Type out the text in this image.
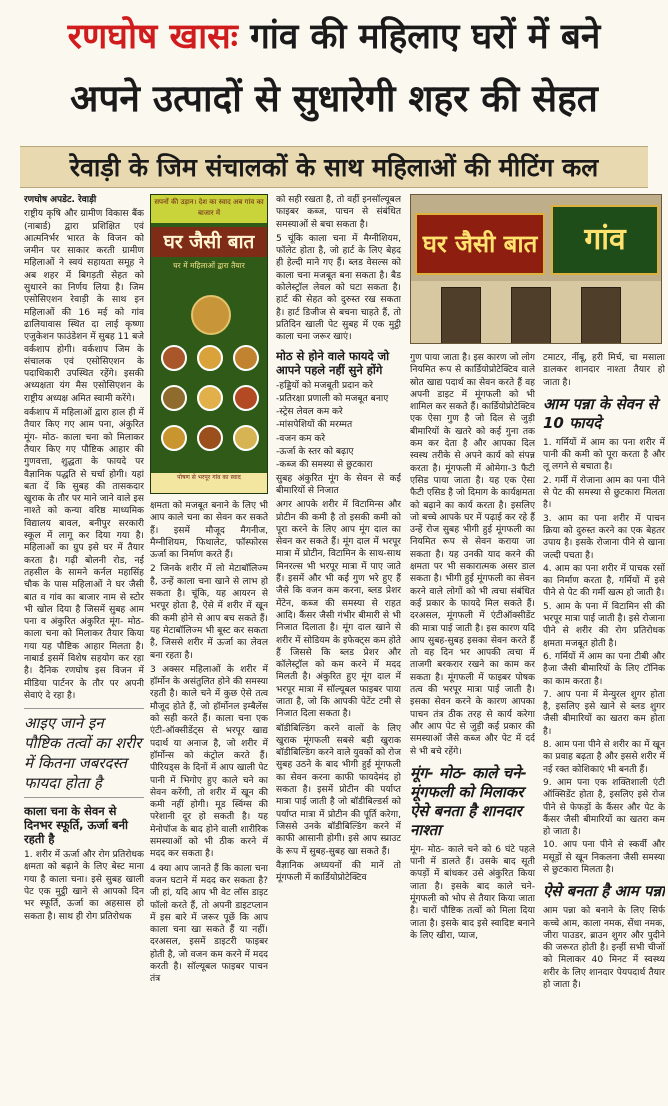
रणघोष खासः गांव की महिलाए घरों में बने
अपने उत्पादों से सुधारेगी शहर की सेहत
रेवाड़ी के जिम संचालकों के साथ महिलाओं की मीटिंग कल
रणघोष अपडेट. रेवाड़ी

राष्ट्रीय कृषि और ग्रामीण विकास बैंक (नाबार्ड) द्वारा प्रशिक्षित एवं आत्मनिर्भर भारत के विजन को जमीन पर साकार करती ग्रामीण महिलाओं ने स्वयं सहायता समूह ने अब शहर में बिगड़ती सेहत को सुधारने का निर्णय लिया है। जिम एसोसिएशन रेवाड़ी के साथ इन महिलाओं की 16 मई को गांव ढालियावास स्थित दा लाई कृष्णा एजुकेशन फाउंडेशन में सुबह 11 बजे वर्कशाप होगी। वर्कशाप जिम के संचालक एवं एसोसिएशन के पदाधिकारी उपस्थित रहेंगे। इसकी अध्यक्षता यंग मैस एसोसिएशन के राष्ट्रीय अध्यक्ष अमित स्वामी करेंगे।

वर्कशाप में महिलाओं द्वारा हाल ही में तैयार किए गए आम पना, अंकुरित मूंग- मोठ- काला चना को मिलाकर तैयार किए गए पौष्टिक आहार की गुणवत्ता, शुद्धता के फायदे पर वैज्ञानिक पद्धति से चर्चा होगी। यहां बता दें कि सुबह की तासकदार खुराक के तौर पर माने जाने वाले इस नाश्ते को कन्या वरिष्ठ माध्यमिक विद्यालय बावल, बनीपुर सरकारी स्कूल में लागू कर दिया गया है। महिलाओं का ग्रुप इसे घर में तैयार करता है। गढ़ी बोलनी रोड, नई तहसील के सामने कर्नल महासिंह चौक के पास महिलाओं ने घर जैसी बात व गांव का बाजार नाम से स्टोर भी खोल दिया है जिसमें सुबह आम पना व अंकुरित अंकुरित मूंग- मोठ- काला चना को मिलाकर तैयार किया गया यह पौष्टिक आहार मिलता है। नाबार्ड इसमें विशेष सहयोग कर रहा है। दैनिक रणघोष इस विजन में मीडिया पार्टनर के तौर पर अपनी सेवाएं दे रहा है।

आइए जाने इन पौष्टिक तत्वों का शरीर में कितना जबरदस्त फायदा होता है
काला चना के सेवन से दिनभर स्फूर्ति, ऊर्जा बनी रहती है

1. शरीर में ऊर्जा और रोग प्रतिरोधक क्षमता को बढ़ाने के लिए बेस्ट माना गया है काला चना। इसे सुबह खाली पेट एक मुट्ठी खाने से आपको दिन भर स्फूर्ति, ऊर्जा का अहसास हो सकता है। साथ ही रोग प्रतिरोधक

सपनों की उड़ान। देश का स्वाद अब गांव का बाजार में
घर जैसी बात
घर में महिलाओं द्वारा तैयार
पोषण से भरपूर गांव का स्वाद

क्षमता को मजबूत बनाने के लिए भी आप काले चना का सेवन कर सकते हैं। इसमें मौजूद मैगनीज, मैग्नीशियम, फिथालेट, फॉस्फोरस ऊर्जा का निर्माण करते हैं।

2 जिनके शरीर में लो मेटाबॉलिज्म है, उन्हें काला चना खाने से लाभ हो सकता है। चूंकि, यह आयरन से भरपूर होता है, ऐसे में शरीर में खून की कमी होने से आप बच सकते हैं। यह मेटाबॉलिज्म भी बूस्ट कर सकता है, जिससे शरीर में ऊर्जा का लेवल बना रहता है।

3 अक्सर महिलाओं के शरीर में हॉर्मोन के असंतुलित होने की समस्या रहती है। काले चने में कुछ ऐसे तत्व मौजूद होते हैं, जो हॉर्मोनल इम्बैलेंस को सही करते हैं। काला चना एक एंटी-ऑक्सीडेंट्स से भरपूर खाद्य पदार्थ या अनाज है, जो शरीर में हॉर्मोन्स को कंट्रोल करते हैं। पीरियड्स के दिनों में आप खाली पेट पानी में भिगोए हुए काले चने का सेवन करेंगी, तो शरीर में खून की कमी नहीं होगी। मूड स्विंग्स की परेशानी दूर हो सकती है। यह मेनोपॉज के बाद होने वाली शारीरिक समस्याओं को भी ठीक करने में मदद कर सकता है।

4 क्या आप जानते हैं कि काला चना वजन घटाने में मदद कर सकता है? जी हां, यदि आप भी वेट लॉस डाइट फॉलो करते हैं, तो अपनी डाइटप्लान में इस बारे में जरूर पूछें कि आप काला चना खा सकते हैं या नहीं। दरअसल, इसमें डाइटरी फाइबर होती है, जो वजन कम करने में मदद करती है। सॉल्यूबल फाइबर पाचन तंत्र

को सही रखता है, तो वहीं इनसॉल्यूबल फाइबर कब्ज, पाचन से संबंधित समस्याओं से बचा सकता है।

5 चूंकि काला चना में मैग्नीशियम, फॉलेट होता है, जो हार्ट के लिए बेहद ही हेल्दी माने गए हैं। ब्लड वेसल्स को काला चना मजबूत बना सकता है। बैड कोलेस्ट्रॉल लेवल को घटा सकता है। हार्ट की सेहत को दुरुस्त रख सकता है। हार्ट डिजीज से बचना चाहते हैं, तो प्रतिदिन खाली पेट सुबह में एक मुट्ठी काला चना जरूर खाएं।

मोठ से होने वाले फायदे जो आपने पहले नहीं सुने होंगे
-हड्डियों को मजबूती प्रदान करे
-प्रतिरक्षा प्रणाली को मजबूत बनाए
-स्ट्रेस लेवल कम करे
-मांसपेशियों की मरम्मत
-वजन कम करे
-ऊर्जा के स्तर को बढ़ाए
-कब्ज की समस्या से छुटकारा

सुबह अंकुरित मूंग के सेवन से कई बीमारियों से निजात

अगर आपके शरीर में विटामिन्स और प्रोटीन की कमी है तो इसकी कमी को पूरा करने के लिए आप मूंग दाल का सेवन कर सकते हैं। मूंग दाल में भरपूर मात्रा में प्रोटीन, विटामिन के साथ-साथ मिनरल्स भी भरपूर मात्रा में पाए जाते हैं। इसमें और भी कई गुण भरे हुए हैं जैसे कि वजन कम करना, ब्लड प्रेशर मेंटेन, कब्ज की समस्या से राहत आदि। कैंसर जैसी गंभीर बीमारी से भी निजात दिलाता है। मूंग दाल खाने से शरीर में सोडियम के इफेक्ट्स कम होते हैं जिससे कि ब्लड प्रेशर और कॉलेस्ट्रॉल को कम करने में मदद मिलती है। अंकुरित हुए मूंग दाल में भरपूर मात्रा में सॉल्यूबल फाइबर पाया जाता है, जो कि आपकी पेटेंट टमी से निजात दिला सकता है।

बॉडीबिल्डिंग करने वालों के लिए खुराक मूंगफली सबसे बड़ी खुराक बॉडीबिल्डिंग करने वाले युवकों को रोज सुबह उठने के बाद भीगी हुई मूंगफली का सेवन करना काफी फायदेमंद हो सकता है। इसमें प्रोटीन की पर्याप्त मात्रा पाई जाती है जो बॉडीबिल्डर्स को पर्याप्त मात्रा में प्रोटीन की पूर्ति करेगा, जिससे उनके बॉडीबिल्डिंग करने में काफी आसानी होगी। इसे आप स्प्राउट के रूप में सुबह-सुबह खा सकते हैं।

वैज्ञानिक अध्ययनों की मानें तो मूंगफली में कार्डियोप्रोटेक्टिव

घर जैसी बात	गांव

गुण पाया जाता है। इस कारण जो लोग नियमित रूप से कार्डियोप्रोटेक्टिव वाले स्रोत खाद्य पदार्थ का सेवन करते हैं वह अपनी डाइट में मूंगफली को भी शामिल कर सकते हैं। कार्डियोप्रोटेक्टिव एक ऐसा गुण है जो दिल से जुड़ी बीमारियों के खतरे को कई गुना तक कम कर देता है और आपका दिल स्वस्थ तरीके से अपने कार्य को संपन्न करता है। मूंगफली में ओमेगा-3 फैटी एसिड पाया जाता है। यह एक ऐसा फैटी एसिड है जो दिमाग के कार्यक्षमता को बढ़ाने का कार्य करता है। इसलिए जो बच्चे आपके घर में पढ़ाई कर रहे हैं उन्हें रोज सुबह भीगी हुई मूंगफली का नियमित रूप से सेवन कराया जा सकता है। यह उनकी याद करने की क्षमता पर भी सकारात्मक असर डाल सकता है। भीगी हुई मूंगफली का सेवन करने वाले लोगों को भी त्वचा संबंधित कई प्रकार के फायदे मिल सकते हैं। दरअसल, मूंगफली में एंटीऑक्सीडेंट की मात्रा पाई जाती है। इस कारण यदि आप सुबह-सुबह इसका सेवन करते हैं तो वह दिन भर आपकी त्वचा में ताजगी बरकरार रखने का काम कर सकता है। मूंगफली में फाइबर पोषक तत्व की भरपूर मात्रा पाई जाती है। इसका सेवन करने के कारण आपका पाचन तंत्र ठीक तरह से कार्य करेगा और आप पेट से जुड़ी कई प्रकार की समस्याओं जैसे कब्ज और पेट में दर्द से भी बचे रहेंगे।

मूंग- मोठ- काले चने- मूंगफली को मिलाकर ऐसे बनता है शानदार नाश्ता

मूंग- मोठ- काले चने को 6 घंटे पहले पानी में डालते हैं। उसके बाद सूती कपड़ों में बांधकर उसे अंकुरित किया जाता है। इसके बाद काले चने- मूंगफली को भोप से तैयार किया जाता है। चारों पौष्टिक तत्वों को मिला दिया जाता है। इसके बाद इसे स्वादिष्ट बनाने के लिए खीरा, प्याज,

टमाटर, नींबू, हरी मिर्च, चा मसाला डालकर शानदार नाश्ता तैयार हो जाता है।

आम पन्ना के सेवन से 10 फायदे
1. गर्मियों में आम का पना शरीर में पानी की कमी को पूरा करता है और लू लगने से बचाता है।
2. गर्मी में रोजाना आम का पना पीने से पेट की समस्या से छुटकारा मिलता है।
3. आम का पना शरीर में पाचन क्रिया को दुरुस्त करने का एक बेहतर उपाय है। इसके रोजाना पीने से खाना जल्दी पचता है।
4. आम का पना शरीर में पाचक रसों का निर्माण करता है, गर्मियों में इसे पीने से पेट की गर्मी खत्म हो जाती है।
5. आम के पना में विटामिन सी की भरपूर मात्रा पाई जाती है। इसे रोजाना पीने से शरीर की रोग प्रतिरोधक क्षमता मजबूत होती है।
6. गर्मियों में आम का पना टीबी और हैजा जैसी बीमारियों के लिए टॉनिक का काम करता है।
7. आप पना में मेन्युरल शुगर होता है, इसलिए इसे खाने से ब्लड शुगर जैसी बीमारियों का खतरा कम होता है।
8. आम पना पीने से शरीर का में खून का प्रवाह बढ़ता है और इससे शरीर में नई रक्त कोशिकाएं भी बनती हैं।
9. आम पना एक शक्तिशाली एंटी ऑक्सिडेंट होता है, इसलिए इसे रोज पीने से फेफड़ों के कैंसर और पेट के कैंसर जैसी बीमारियों का खतरा कम हो जाता है।
10. आप पना पीने से स्कर्वी और मसूड़ों से खून निकलना जैसी समस्या से छुटकारा मिलता है।
ऐसे बनता है आम पन्ना

आम पन्ना को बनाने के लिए सिर्फ कच्चे आम, काला नमक, सेंधा नमक, जीरा पाउडर, ब्राउन शुगर और पुदीने की जरूरत होती है। इन्हीं सभी चीजों को मिलाकर 40 मिनट में स्वस्थ्य शरीर के लिए शानदार पेयपदार्थ तैयार हो जाता है।
